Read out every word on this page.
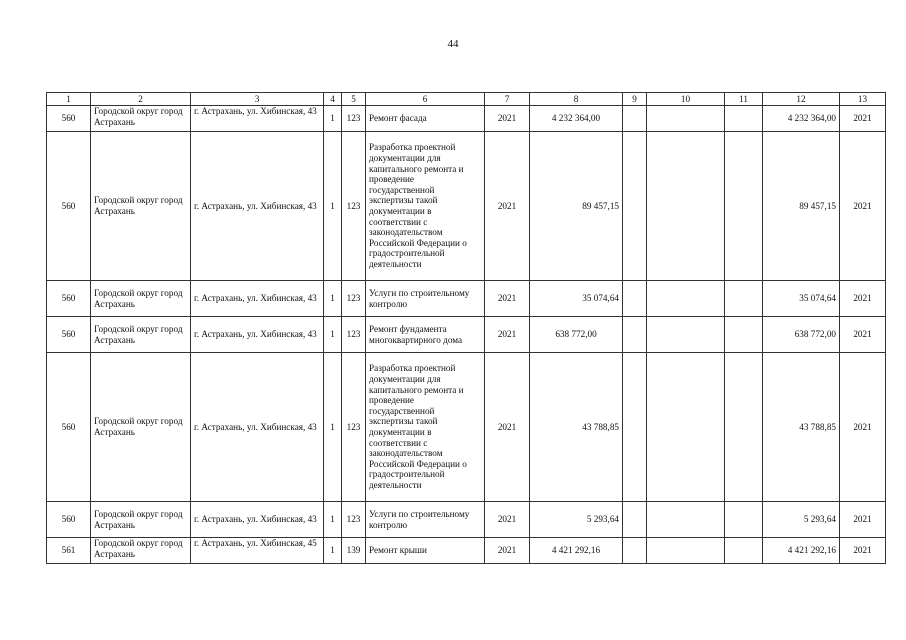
44
1	2	3	4	5	6	7	8	9	10	11	12	13
560	Городской округ город Астрахань	г. Астрахань, ул. Хибинская, 43	1	123	Ремонт фасада	2021	4 232 364,00				4 232 364,00	2021
560	Городской округ город Астрахань	г. Астрахань, ул. Хибинская, 43	1	123	Разработка проектной документации для капитального ремонта и проведение государственной экспертизы такой документации в соответствии с законодательством Российской Федерации о градостроительной деятельности	2021	89 457,15				89 457,15	2021
560	Городской округ город Астрахань	г. Астрахань, ул. Хибинская, 43	1	123	Услуги по строительному контролю	2021	35 074,64				35 074,64	2021
560	Городской округ город Астрахань	г. Астрахань, ул. Хибинская, 43	1	123	Ремонт фундамента многоквартирного дома	2021	638 772,00				638 772,00	2021
560	Городской округ город Астрахань	г. Астрахань, ул. Хибинская, 43	1	123	Разработка проектной документации для капитального ремонта и проведение государственной экспертизы такой документации в соответствии с законодательством Российской Федерации о градостроительной деятельности	2021	43 788,85				43 788,85	2021
560	Городской округ город Астрахань	г. Астрахань, ул. Хибинская, 43	1	123	Услуги по строительному контролю	2021	5 293,64				5 293,64	2021
561	Городской округ город Астрахань	г. Астрахань, ул. Хибинская, 45	1	139	Ремонт крыши	2021	4 421 292,16				4 421 292,16	2021
